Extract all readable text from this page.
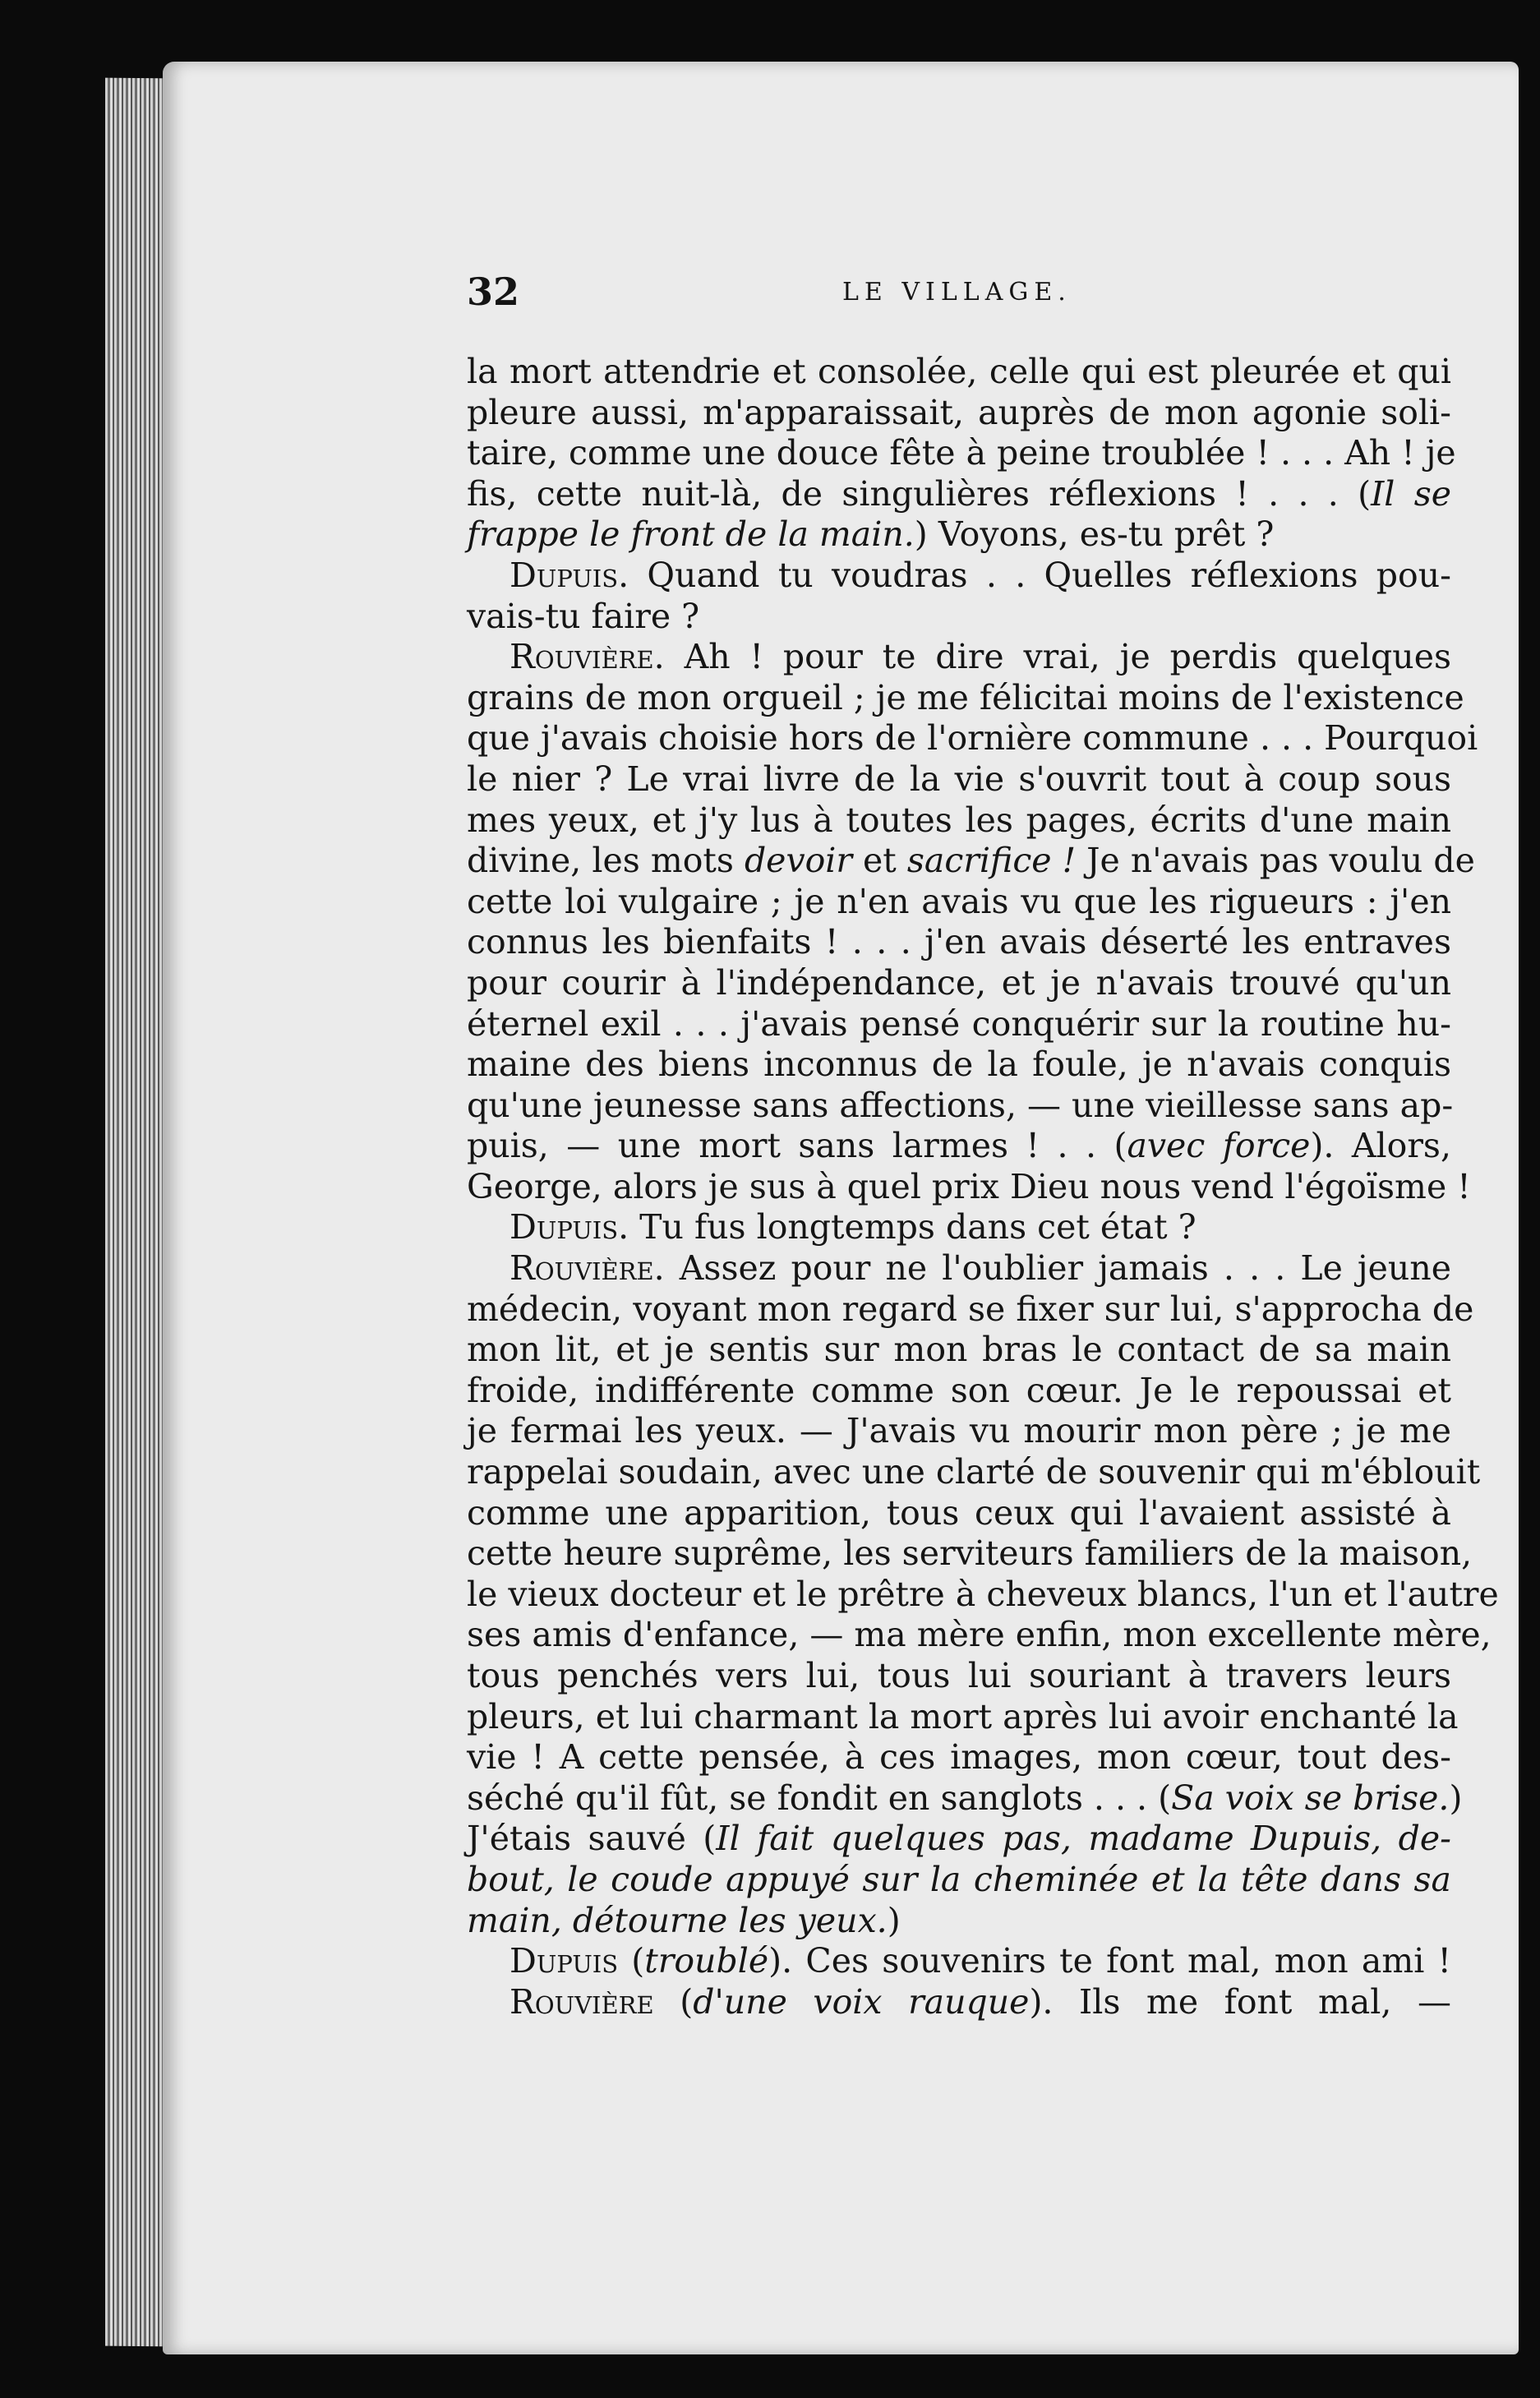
32	LE VILLAGE.
la mort attendrie et consolée, celle qui est pleurée et qui
pleure aussi, m'apparaissait, auprès de mon agonie soli-
taire, comme une douce fête à peine troublée ! . . . Ah ! je
fis, cette nuit-là, de singulières réflexions ! . . . (Il se
frappe le front de la main.) Voyons, es-tu prêt ?
Dupuis. Quand tu voudras . . Quelles réflexions pou-
vais-tu faire ?
Rouvière. Ah ! pour te dire vrai, je perdis quelques
grains de mon orgueil ; je me félicitai moins de l'existence
que j'avais choisie hors de l'ornière commune . . . Pourquoi
le nier ? Le vrai livre de la vie s'ouvrit tout à coup sous
mes yeux, et j'y lus à toutes les pages, écrits d'une main
divine, les mots devoir et sacrifice ! Je n'avais pas voulu de
cette loi vulgaire ; je n'en avais vu que les rigueurs : j'en
connus les bienfaits ! . . . j'en avais déserté les entraves
pour courir à l'indépendance, et je n'avais trouvé qu'un
éternel exil . . . j'avais pensé conquérir sur la routine hu-
maine des biens inconnus de la foule, je n'avais conquis
qu'une jeunesse sans affections, — une vieillesse sans ap-
puis, — une mort sans larmes ! . . (avec force). Alors,
George, alors je sus à quel prix Dieu nous vend l'égoïsme !
Dupuis. Tu fus longtemps dans cet état ?
Rouvière. Assez pour ne l'oublier jamais . . . Le jeune
médecin, voyant mon regard se fixer sur lui, s'approcha de
mon lit, et je sentis sur mon bras le contact de sa main
froide, indifférente comme son cœur. Je le repoussai et
je fermai les yeux. — J'avais vu mourir mon père ; je me
rappelai soudain, avec une clarté de souvenir qui m'éblouit
comme une apparition, tous ceux qui l'avaient assisté à
cette heure suprême, les serviteurs familiers de la maison,
le vieux docteur et le prêtre à cheveux blancs, l'un et l'autre
ses amis d'enfance, — ma mère enfin, mon excellente mère,
tous penchés vers lui, tous lui souriant à travers leurs
pleurs, et lui charmant la mort après lui avoir enchanté la
vie ! A cette pensée, à ces images, mon cœur, tout des-
séché qu'il fût, se fondit en sanglots . . . (Sa voix se brise.)
J'étais sauvé (Il fait quelques pas, madame Dupuis, de-
bout, le coude appuyé sur la cheminée et la tête dans sa
main, détourne les yeux.)
Dupuis (troublé). Ces souvenirs te font mal, mon ami !
Rouvière (d'une voix rauque). Ils me font mal, —
